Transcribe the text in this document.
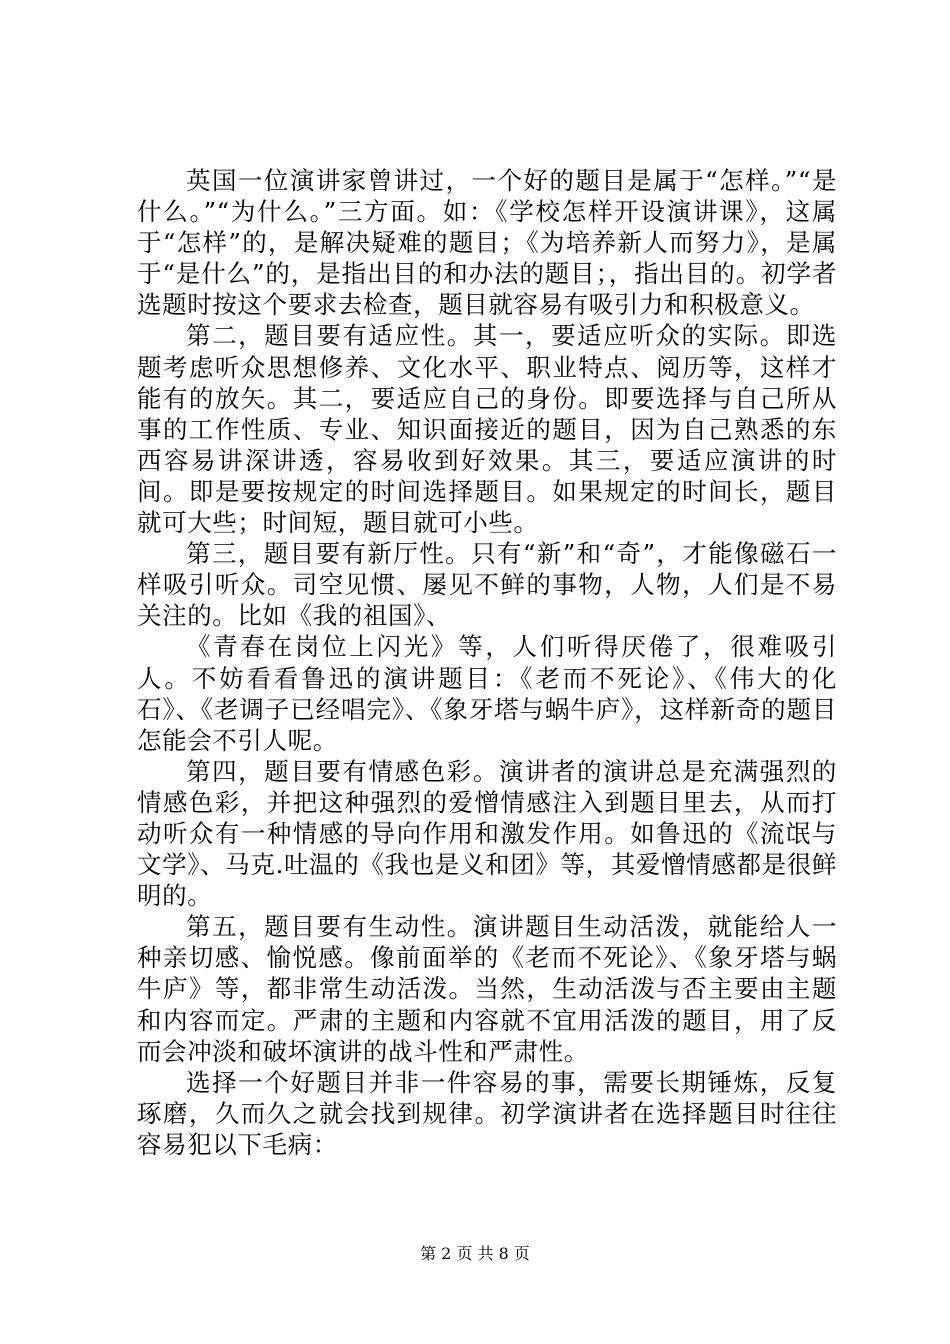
英国一位演讲家曾讲过，一个好的题目是属于“怎样。”“是什么。”“为什么。”三方面。如：《学校怎样开设演讲课》，这属于“怎样”的，是解决疑难的题目；《为培养新人而努力》，是属于“是什么”的，是指出目的和办法的题目；，指出目的。初学者选题时按这个要求去检查，题目就容易有吸引力和积极意义。

第二，题目要有适应性。其一，要适应听众的实际。即选题考虑听众思想修养、文化水平、职业特点、阅历等，这样才能有的放矢。其二，要适应自己的身份。即要选择与自己所从事的工作性质、专业、知识面接近的题目，因为自己熟悉的东西容易讲深讲透，容易收到好效果。其三，要适应演讲的时间。即是要按规定的时间选择题目。如果规定的时间长，题目就可大些；时间短，题目就可小些。

第三，题目要有新厅性。只有“新”和“奇”，才能像磁石一样吸引听众。司空见惯、屡见不鲜的事物，人物，人们是不易关注的。比如《我的祖国》、

《青春在岗位上闪光》等，人们听得厌倦了，很难吸引人。不妨看看鲁迅的演讲题目：《老而不死论》、《伟大的化石》、《老调子已经唱完》、《象牙塔与蜗牛庐》，这样新奇的题目怎能会不引人呢。

第四，题目要有情感色彩。演讲者的演讲总是充满强烈的情感色彩，并把这种强烈的爱憎情感注入到题目里去，从而打动听众有一种情感的导向作用和激发作用。如鲁迅的《流氓与文学》、马克.吐温的《我也是义和团》等，其爱憎情感都是很鲜明的。

第五，题目要有生动性。演讲题目生动活泼，就能给人一种亲切感、愉悦感。像前面举的《老而不死论》、《象牙塔与蜗牛庐》等，都非常生动活泼。当然，生动活泼与否主要由主题和内容而定。严肃的主题和内容就不宜用活泼的题目，用了反而会冲淡和破坏演讲的战斗性和严肃性。

选择一个好题目并非一件容易的事，需要长期锤炼，反复琢磨，久而久之就会找到规律。初学演讲者在选择题目时往往容易犯以下毛病：

第 2 页 共 8 页
